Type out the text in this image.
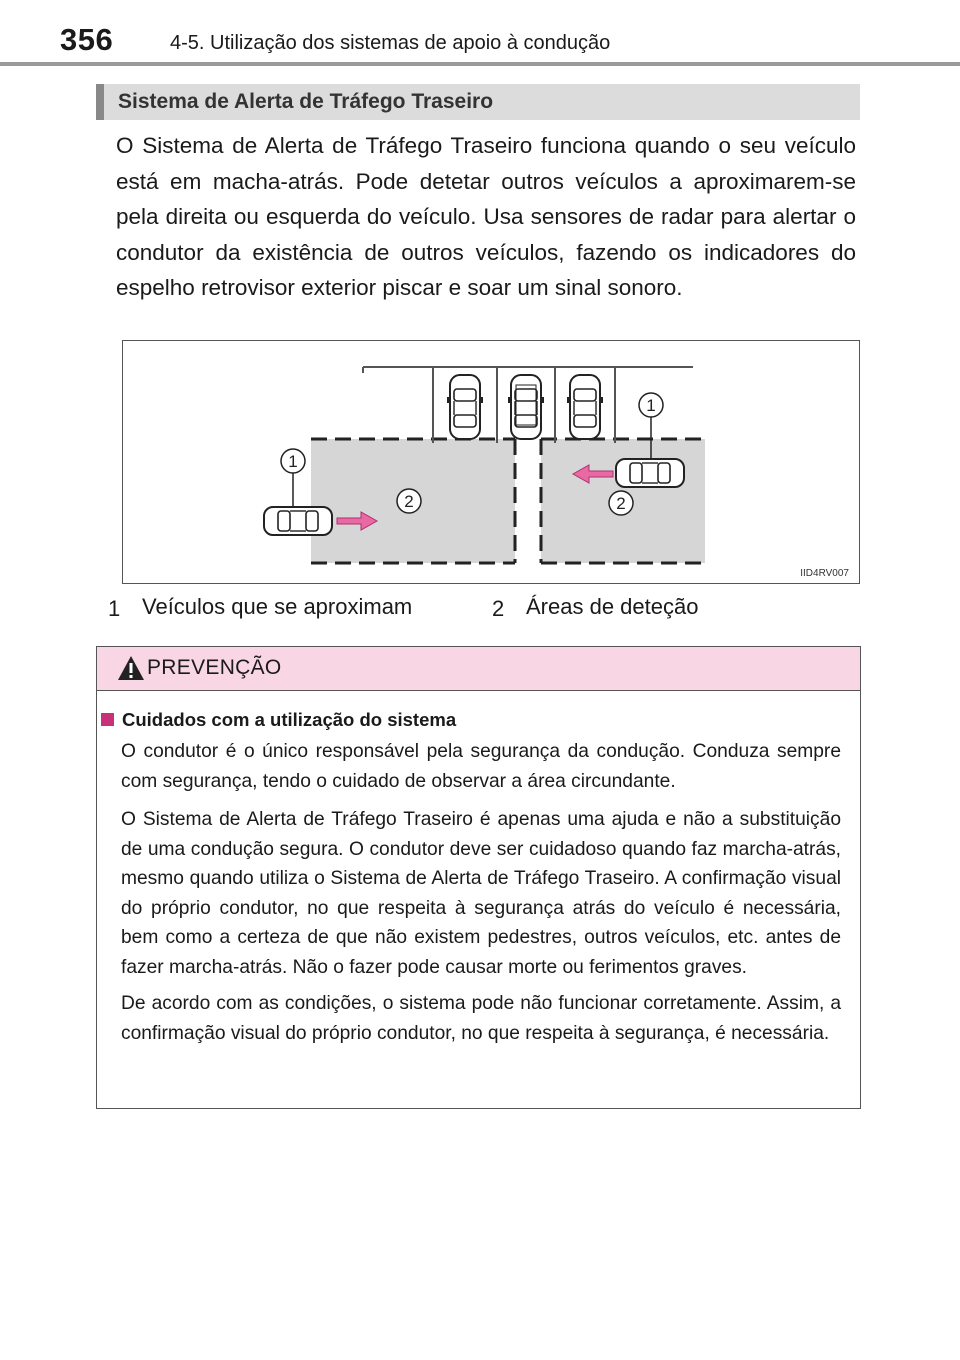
356	4-5. Utilização dos sistemas de apoio à condução
Sistema de Alerta de Tráfego Traseiro
O Sistema de Alerta de Tráfego Traseiro funciona quando o seu veículo está em macha-atrás. Pode detetar outros veículos a aproximarem-se pela direita ou esquerda do veículo. Usa sensores de radar para alertar o condutor da existência de outros veículos, fazendo os indicadores do espelho retrovisor exterior piscar e soar um sinal sonoro.
1
1
2	2
IID4RV007
1 Veículos que se aproximam	2 Áreas de deteção
PREVENÇÃO
Cuidados com a utilização do sistema
O condutor é o único responsável pela segurança da condução. Conduza sempre com segurança, tendo o cuidado de observar a área circundante.
O Sistema de Alerta de Tráfego Traseiro é apenas uma ajuda e não a substituição de uma condução segura. O condutor deve ser cuidadoso quando faz marcha-atrás, mesmo quando utiliza o Sistema de Alerta de Tráfego Traseiro. A confirmação visual do próprio condutor, no que respeita à segurança atrás do veículo é necessária, bem como a certeza de que não existem pedestres, outros veículos, etc. antes de fazer marcha-atrás. Não o fazer pode causar morte ou ferimentos graves.
De acordo com as condições, o sistema pode não funcionar corretamente. Assim, a confirmação visual do próprio condutor, no que respeita à segurança, é necessária.
